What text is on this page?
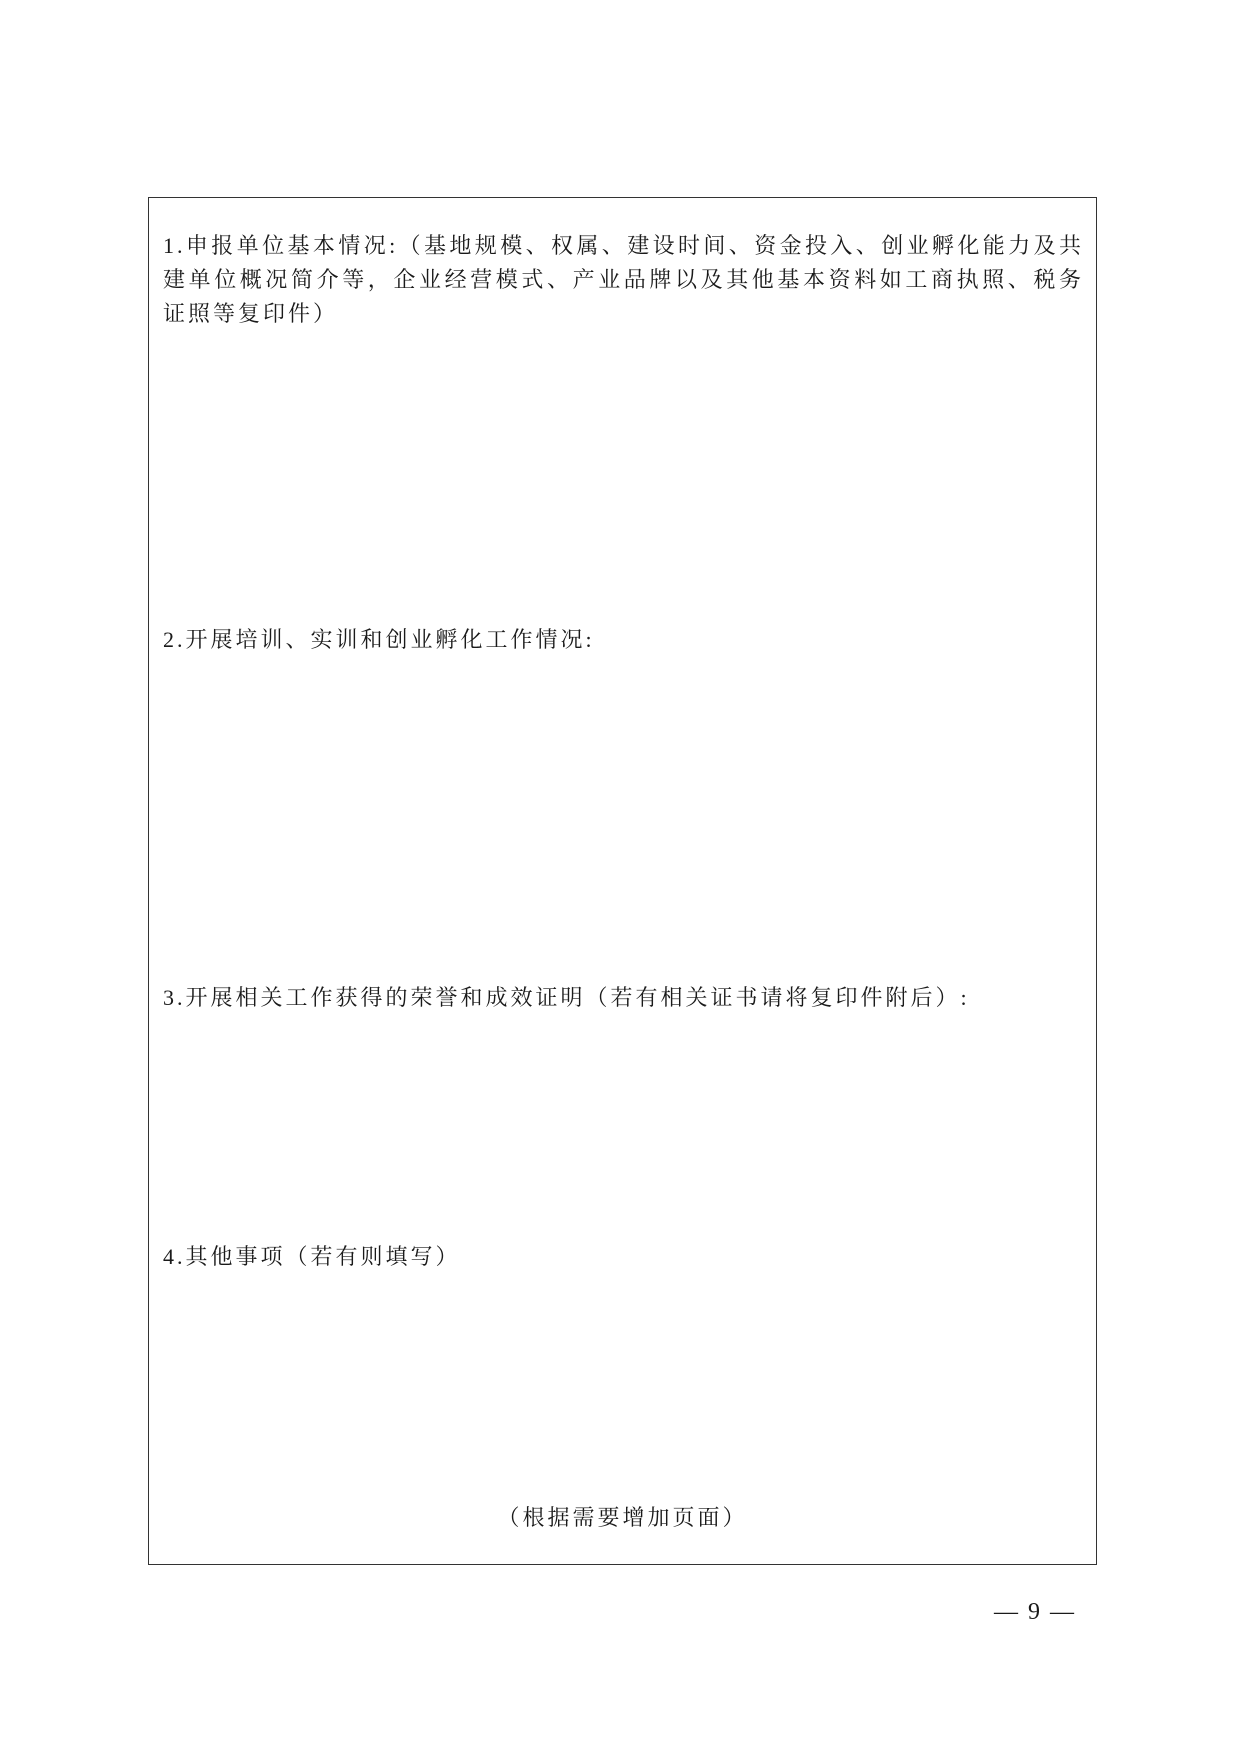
1.申报单位基本情况:（基地规模、权属、建设时间、资金投入、创业孵化能力及共建单位概况简介等，企业经营模式、产业品牌以及其他基本资料如工商执照、税务证照等复印件）

2.开展培训、实训和创业孵化工作情况:

3.开展相关工作获得的荣誉和成效证明（若有相关证书请将复印件附后）:

4.其他事项（若有则填写）

（根据需要增加页面）
— 9 —
